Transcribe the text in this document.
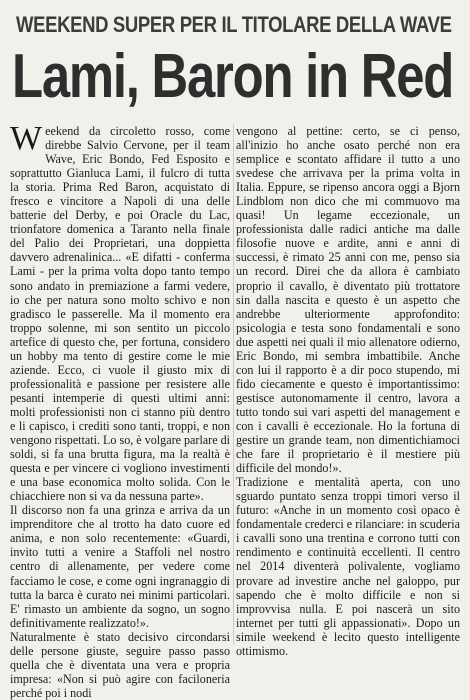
WEEKEND SUPER PER IL TITOLARE DELLA WAVE
Lami, Baron in Red

Weekend da circoletto rosso, come direbbe Salvio Cervone, per il team Wave, Eric Bondo, Fed Esposito e soprattutto Gianluca Lami, il fulcro di tutta la storia. Prima Red Baron, acquistato di fresco e vincitore a Napoli di una delle batterie del Derby, e poi Oracle du Lac, trionfatore domenica a Taranto nella finale del Palio dei Proprietari, una doppietta davvero adrenalinica... «E difatti - conferma Lami - per la prima volta dopo tanto tempo sono andato in premiazione a farmi vedere, io che per natura sono molto schivo e non gradisco le passerelle. Ma il momento era troppo solenne, mi son sentito un piccolo artefice di questo che, per fortuna, considero un hobby ma tento di gestire come le mie aziende. Ecco, ci vuole il giusto mix di professionalità e passione per resistere alle pesanti intemperie di questi ultimi anni: molti professionisti non ci stanno più dentro e li capisco, i crediti sono tanti, troppi, e non vengono rispettati. Lo so, è volgare parlare di soldi, si fa una brutta figura, ma la realtà è questa e per vincere ci vogliono investimenti e una base economica molto solida. Con le chiacchiere non si va da nessuna parte».

Il discorso non fa una grinza e arriva da un imprenditore che al trotto ha dato cuore ed anima, e non solo recentemente: «Guardi, invito tutti a venire a Staffoli nel nostro centro di allenamente, per vedere come facciamo le cose, e come ogni ingranaggio di tutta la barca è curato nei minimi particolari. E' rimasto un ambiente da sogno, un sogno definitivamente realizzato!».

Naturalmente è stato decisivo circondarsi delle persone giuste, seguire passo passo quella che è diventata una vera e propria impresa: «Non si può agire con faciloneria perché poi i nodi

vengono al pettine: certo, se ci penso, all'inizio ho anche osato perché non era semplice e scontato affidare il tutto a uno svedese che arrivava per la prima volta in Italia. Eppure, se ripenso ancora oggi a Bjorn Lindblom non dico che mi commuovo ma quasi! Un legame eccezionale, un professionista dalle radici antiche ma dalle filosofie nuove e ardite, anni e anni di successi, è rimato 25 anni con me, penso sia un record. Direi che da allora è cambiato proprio il cavallo, è diventato più trottatore sin dalla nascita e questo è un aspetto che andrebbe ulteriormente approfondito: psicologia e testa sono fondamentali e sono due aspetti nei quali il mio allenatore odierno, Eric Bondo, mi sembra imbattibile. Anche con lui il rapporto è a dir poco stupendo, mi fido ciecamente e questo è importantissimo: gestisce autonomamente il centro, lavora a tutto tondo sui vari aspetti del management e con i cavalli è eccezionale. Ho la fortuna di gestire un grande team, non dimentichiamoci che fare il proprietario è il mestiere più difficile del mondo!».

Tradizione e mentalità aperta, con uno sguardo puntato senza troppi timori verso il futuro: «Anche in un momento così opaco è fondamentale crederci e rilanciare: in scuderia i cavalli sono una trentina e corrono tutti con rendimento e continuità eccellenti. Il centro nel 2014 diventerà polivalente, vogliamo provare ad investire anche nel galoppo, pur sapendo che è molto difficile e non si improvvisa nulla. E poi nascerà un sito internet per tutti gli appassionati». Dopo un simile weekend è lecito questo intelligente ottimismo.
